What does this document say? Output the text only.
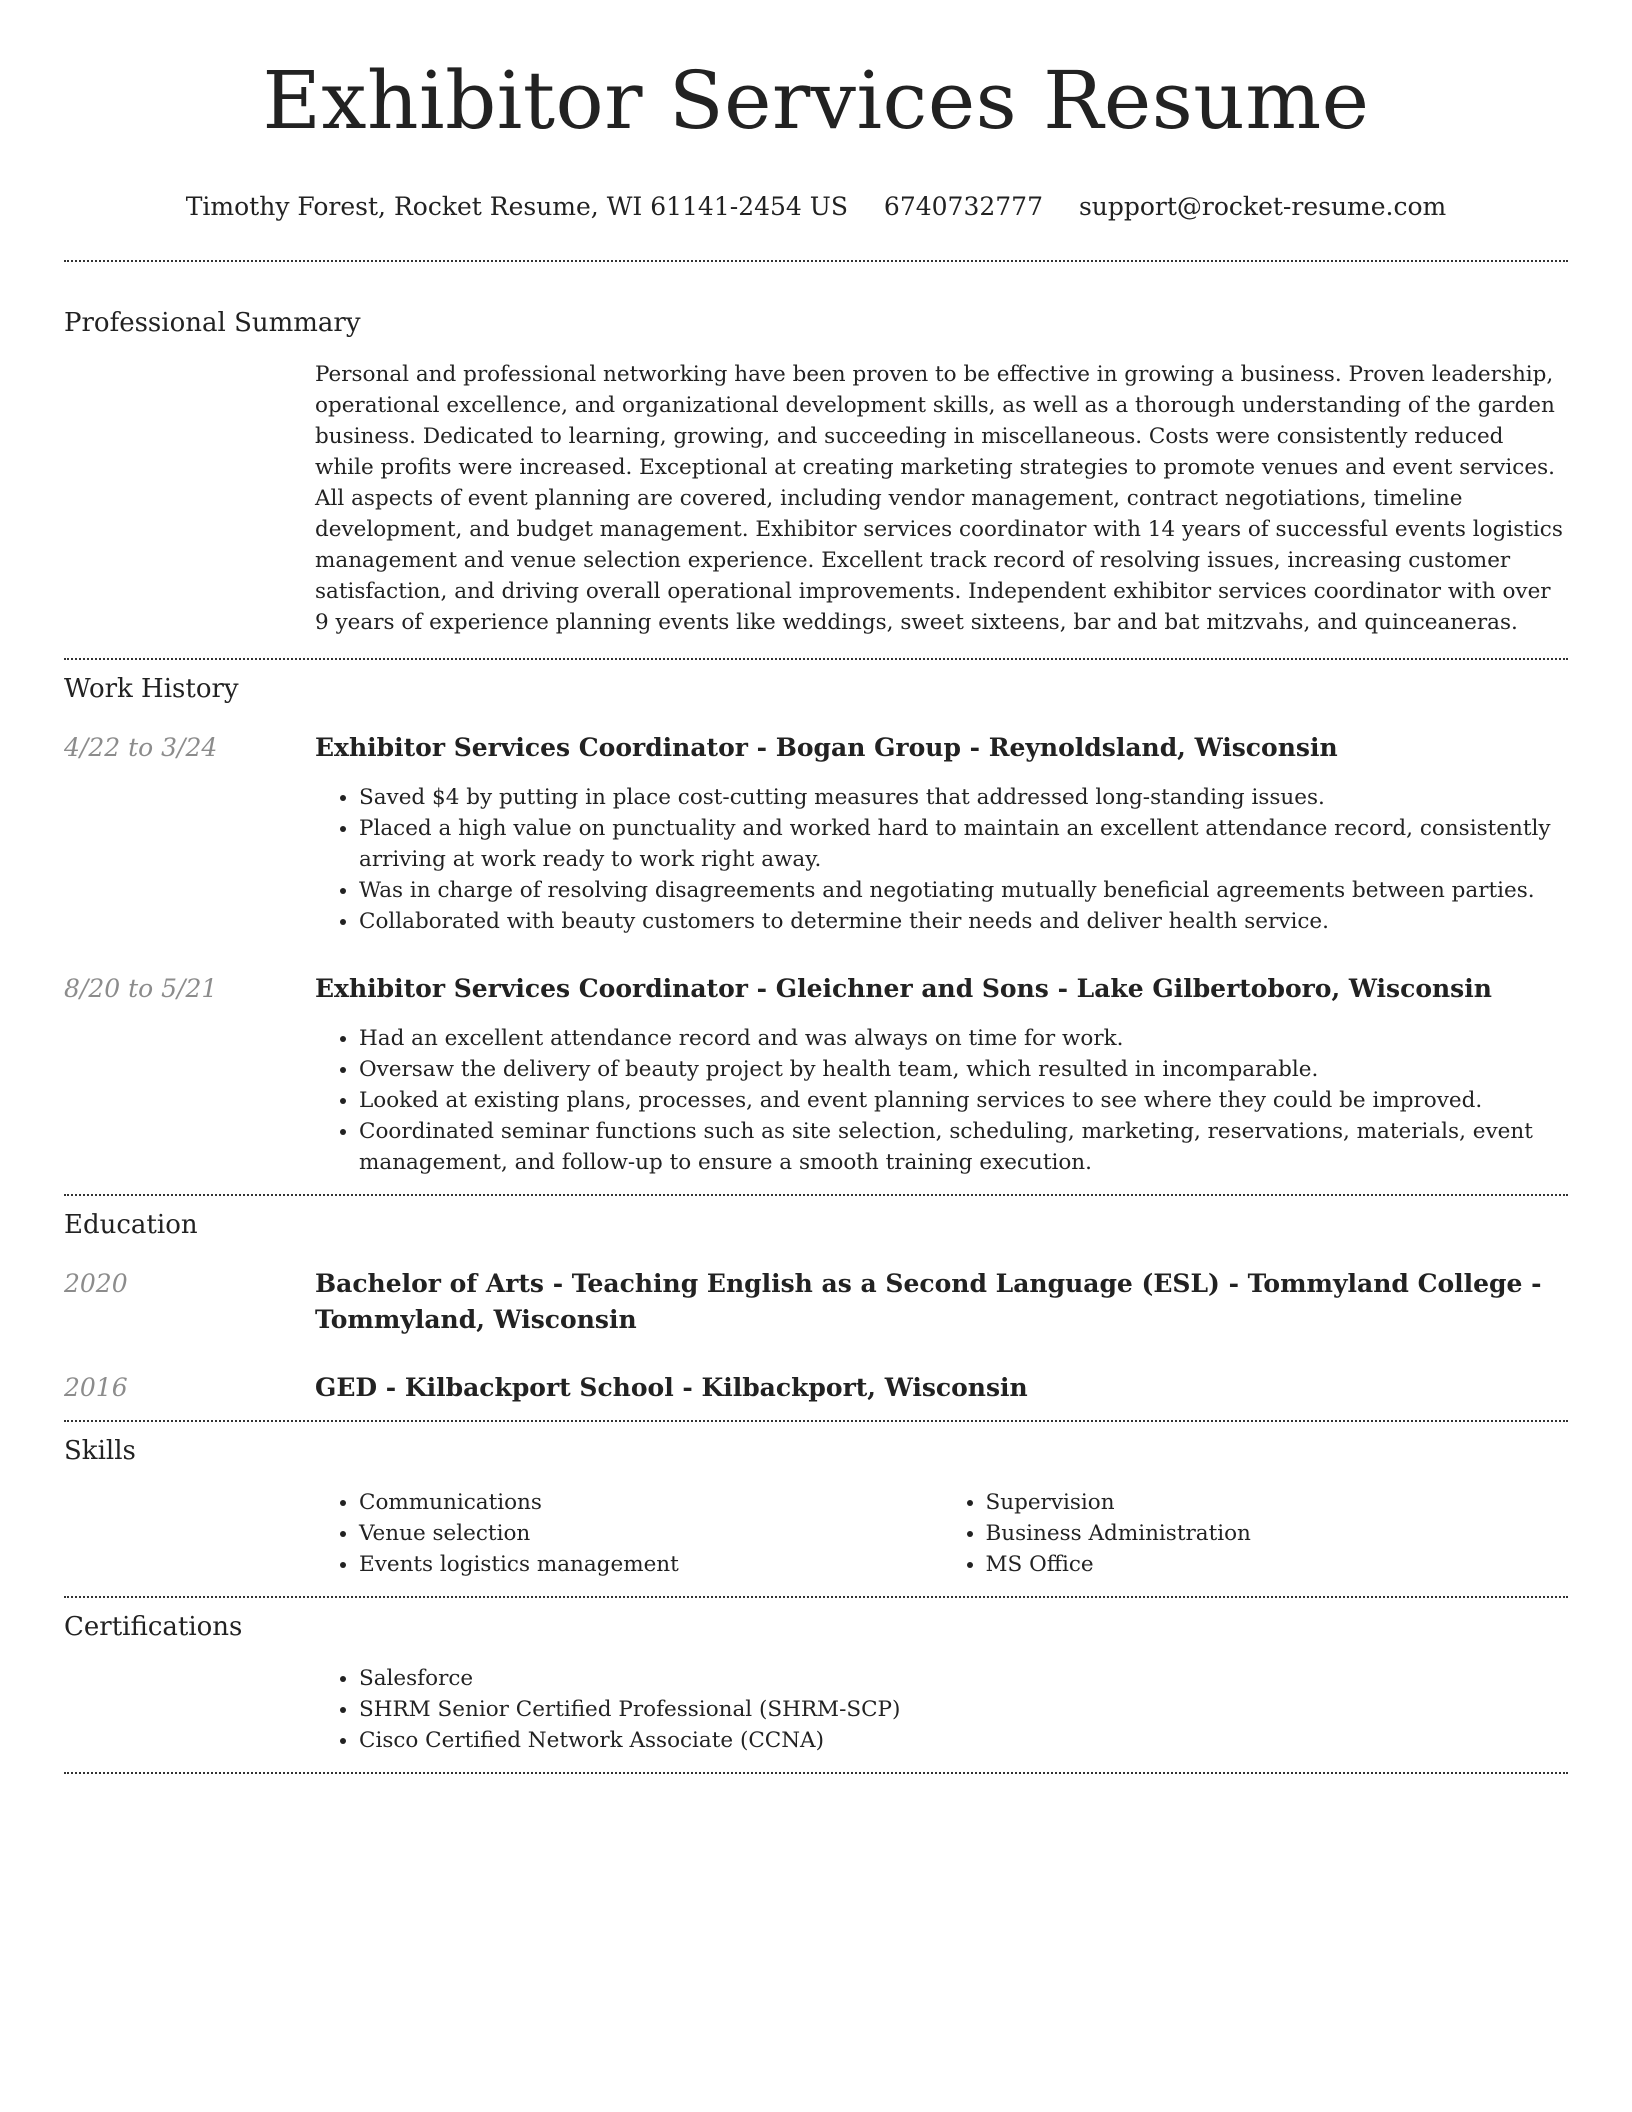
Exhibitor Services Resume
Timothy Forest, Rocket Resume, WI 61141-2454 US 6740732777 support@rocket-resume.com
Professional Summary

Personal and professional networking have been proven to be effective in growing a business. Proven leadership, operational excellence, and organizational development skills, as well as a thorough understanding of the garden business. Dedicated to learning, growing, and succeeding in miscellaneous. Costs were consistently reduced while profits were increased. Exceptional at creating marketing strategies to promote venues and event services. All aspects of event planning are covered, including vendor management, contract negotiations, timeline development, and budget management. Exhibitor services coordinator with 14 years of successful events logistics management and venue selection experience. Excellent track record of resolving issues, increasing customer satisfaction, and driving overall operational improvements. Independent exhibitor services coordinator with over 9 years of experience planning events like weddings, sweet sixteens, bar and bat mitzvahs, and quinceaneras.

Work History
4/22 to 3/24	Exhibitor Services Coordinator - Bogan Group - Reynoldsland, Wisconsin
• Saved $4 by putting in place cost-cutting measures that addressed long-standing issues.
• Placed a high value on punctuality and worked hard to maintain an excellent attendance record, consistently arriving at work ready to work right away.
• Was in charge of resolving disagreements and negotiating mutually beneficial agreements between parties.
• Collaborated with beauty customers to determine their needs and deliver health service.
8/20 to 5/21	Exhibitor Services Coordinator - Gleichner and Sons - Lake Gilbertoboro, Wisconsin
• Had an excellent attendance record and was always on time for work.
• Oversaw the delivery of beauty project by health team, which resulted in incomparable.
• Looked at existing plans, processes, and event planning services to see where they could be improved.
• Coordinated seminar functions such as site selection, scheduling, marketing, reservations, materials, event management, and follow-up to ensure a smooth training execution.
Education
2020	Bachelor of Arts - Teaching English as a Second Language (ESL) - Tommyland College - Tommyland, Wisconsin
2016	GED - Kilbackport School - Kilbackport, Wisconsin
Skills
• Communications
• Venue selection
• Events logistics management
• Supervision
• Business Administration
• MS Office
Certifications
• Salesforce
• SHRM Senior Certified Professional (SHRM-SCP)
• Cisco Certified Network Associate (CCNA)
